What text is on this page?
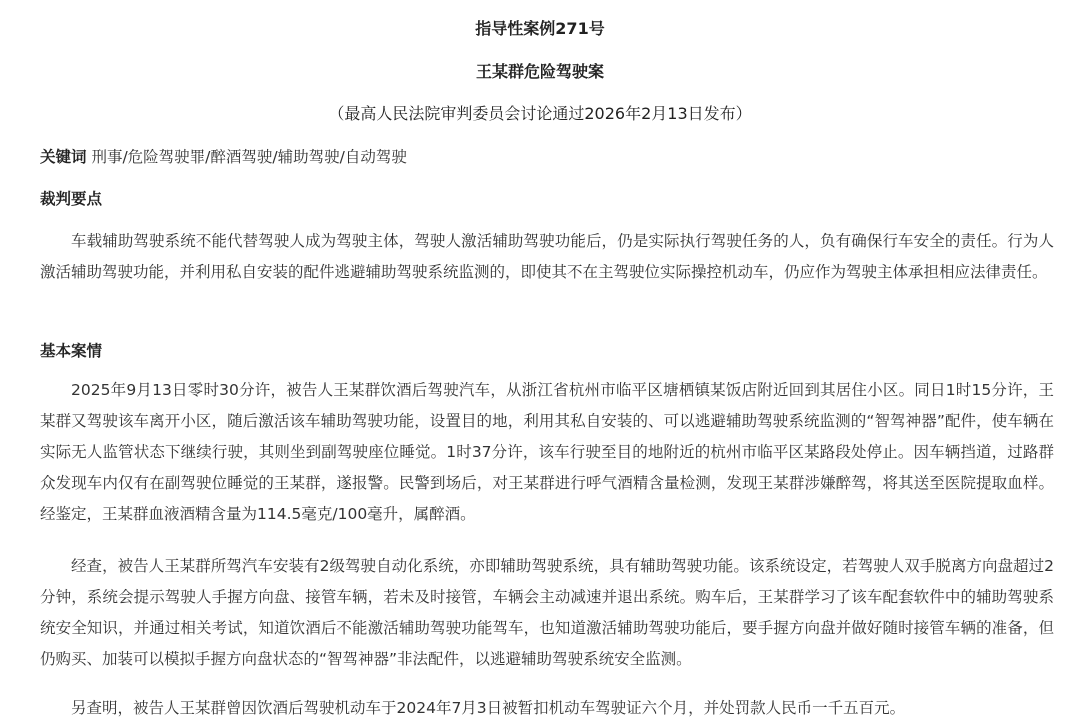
指导性案例271号
王某群危险驾驶案
（最高人民法院审判委员会讨论通过2026年2月13日发布）
关键词 刑事/危险驾驶罪/醉酒驾驶/辅助驾驶/自动驾驶
裁判要点
车载辅助驾驶系统不能代替驾驶人成为驾驶主体，驾驶人激活辅助驾驶功能后，仍是实际执行驾驶任务的人，负有确保行车安全的责任。行为人激活辅助驾驶功能，并利用私自安装的配件逃避辅助驾驶系统监测的，即使其不在主驾驶位实际操控机动车，仍应作为驾驶主体承担相应法律责任。
基本案情
2025年9月13日零时30分许，被告人王某群饮酒后驾驶汽车，从浙江省杭州市临平区塘栖镇某饭店附近回到其居住小区。同日1时15分许，王某群又驾驶该车离开小区，随后激活该车辅助驾驶功能，设置目的地，利用其私自安装的、可以逃避辅助驾驶系统监测的“智驾神器”配件，使车辆在实际无人监管状态下继续行驶，其则坐到副驾驶座位睡觉。1时37分许，该车行驶至目的地附近的杭州市临平区某路段处停止。因车辆挡道，过路群众发现车内仅有在副驾驶位睡觉的王某群，遂报警。民警到场后，对王某群进行呼气酒精含量检测，发现王某群涉嫌醉驾，将其送至医院提取血样。经鉴定，王某群血液酒精含量为114.5毫克/100毫升，属醉酒。
经查，被告人王某群所驾汽车安装有2级驾驶自动化系统，亦即辅助驾驶系统，具有辅助驾驶功能。该系统设定，若驾驶人双手脱离方向盘超过2分钟，系统会提示驾驶人手握方向盘、接管车辆，若未及时接管，车辆会主动减速并退出系统。购车后，王某群学习了该车配套软件中的辅助驾驶系统安全知识，并通过相关考试，知道饮酒后不能激活辅助驾驶功能驾车，也知道激活辅助驾驶功能后，要手握方向盘并做好随时接管车辆的准备，但仍购买、加装可以模拟手握方向盘状态的“智驾神器”非法配件，以逃避辅助驾驶系统安全监测。
另查明，被告人王某群曾因饮酒后驾驶机动车于2024年7月3日被暂扣机动车驾驶证六个月，并处罚款人民币一千五百元。
